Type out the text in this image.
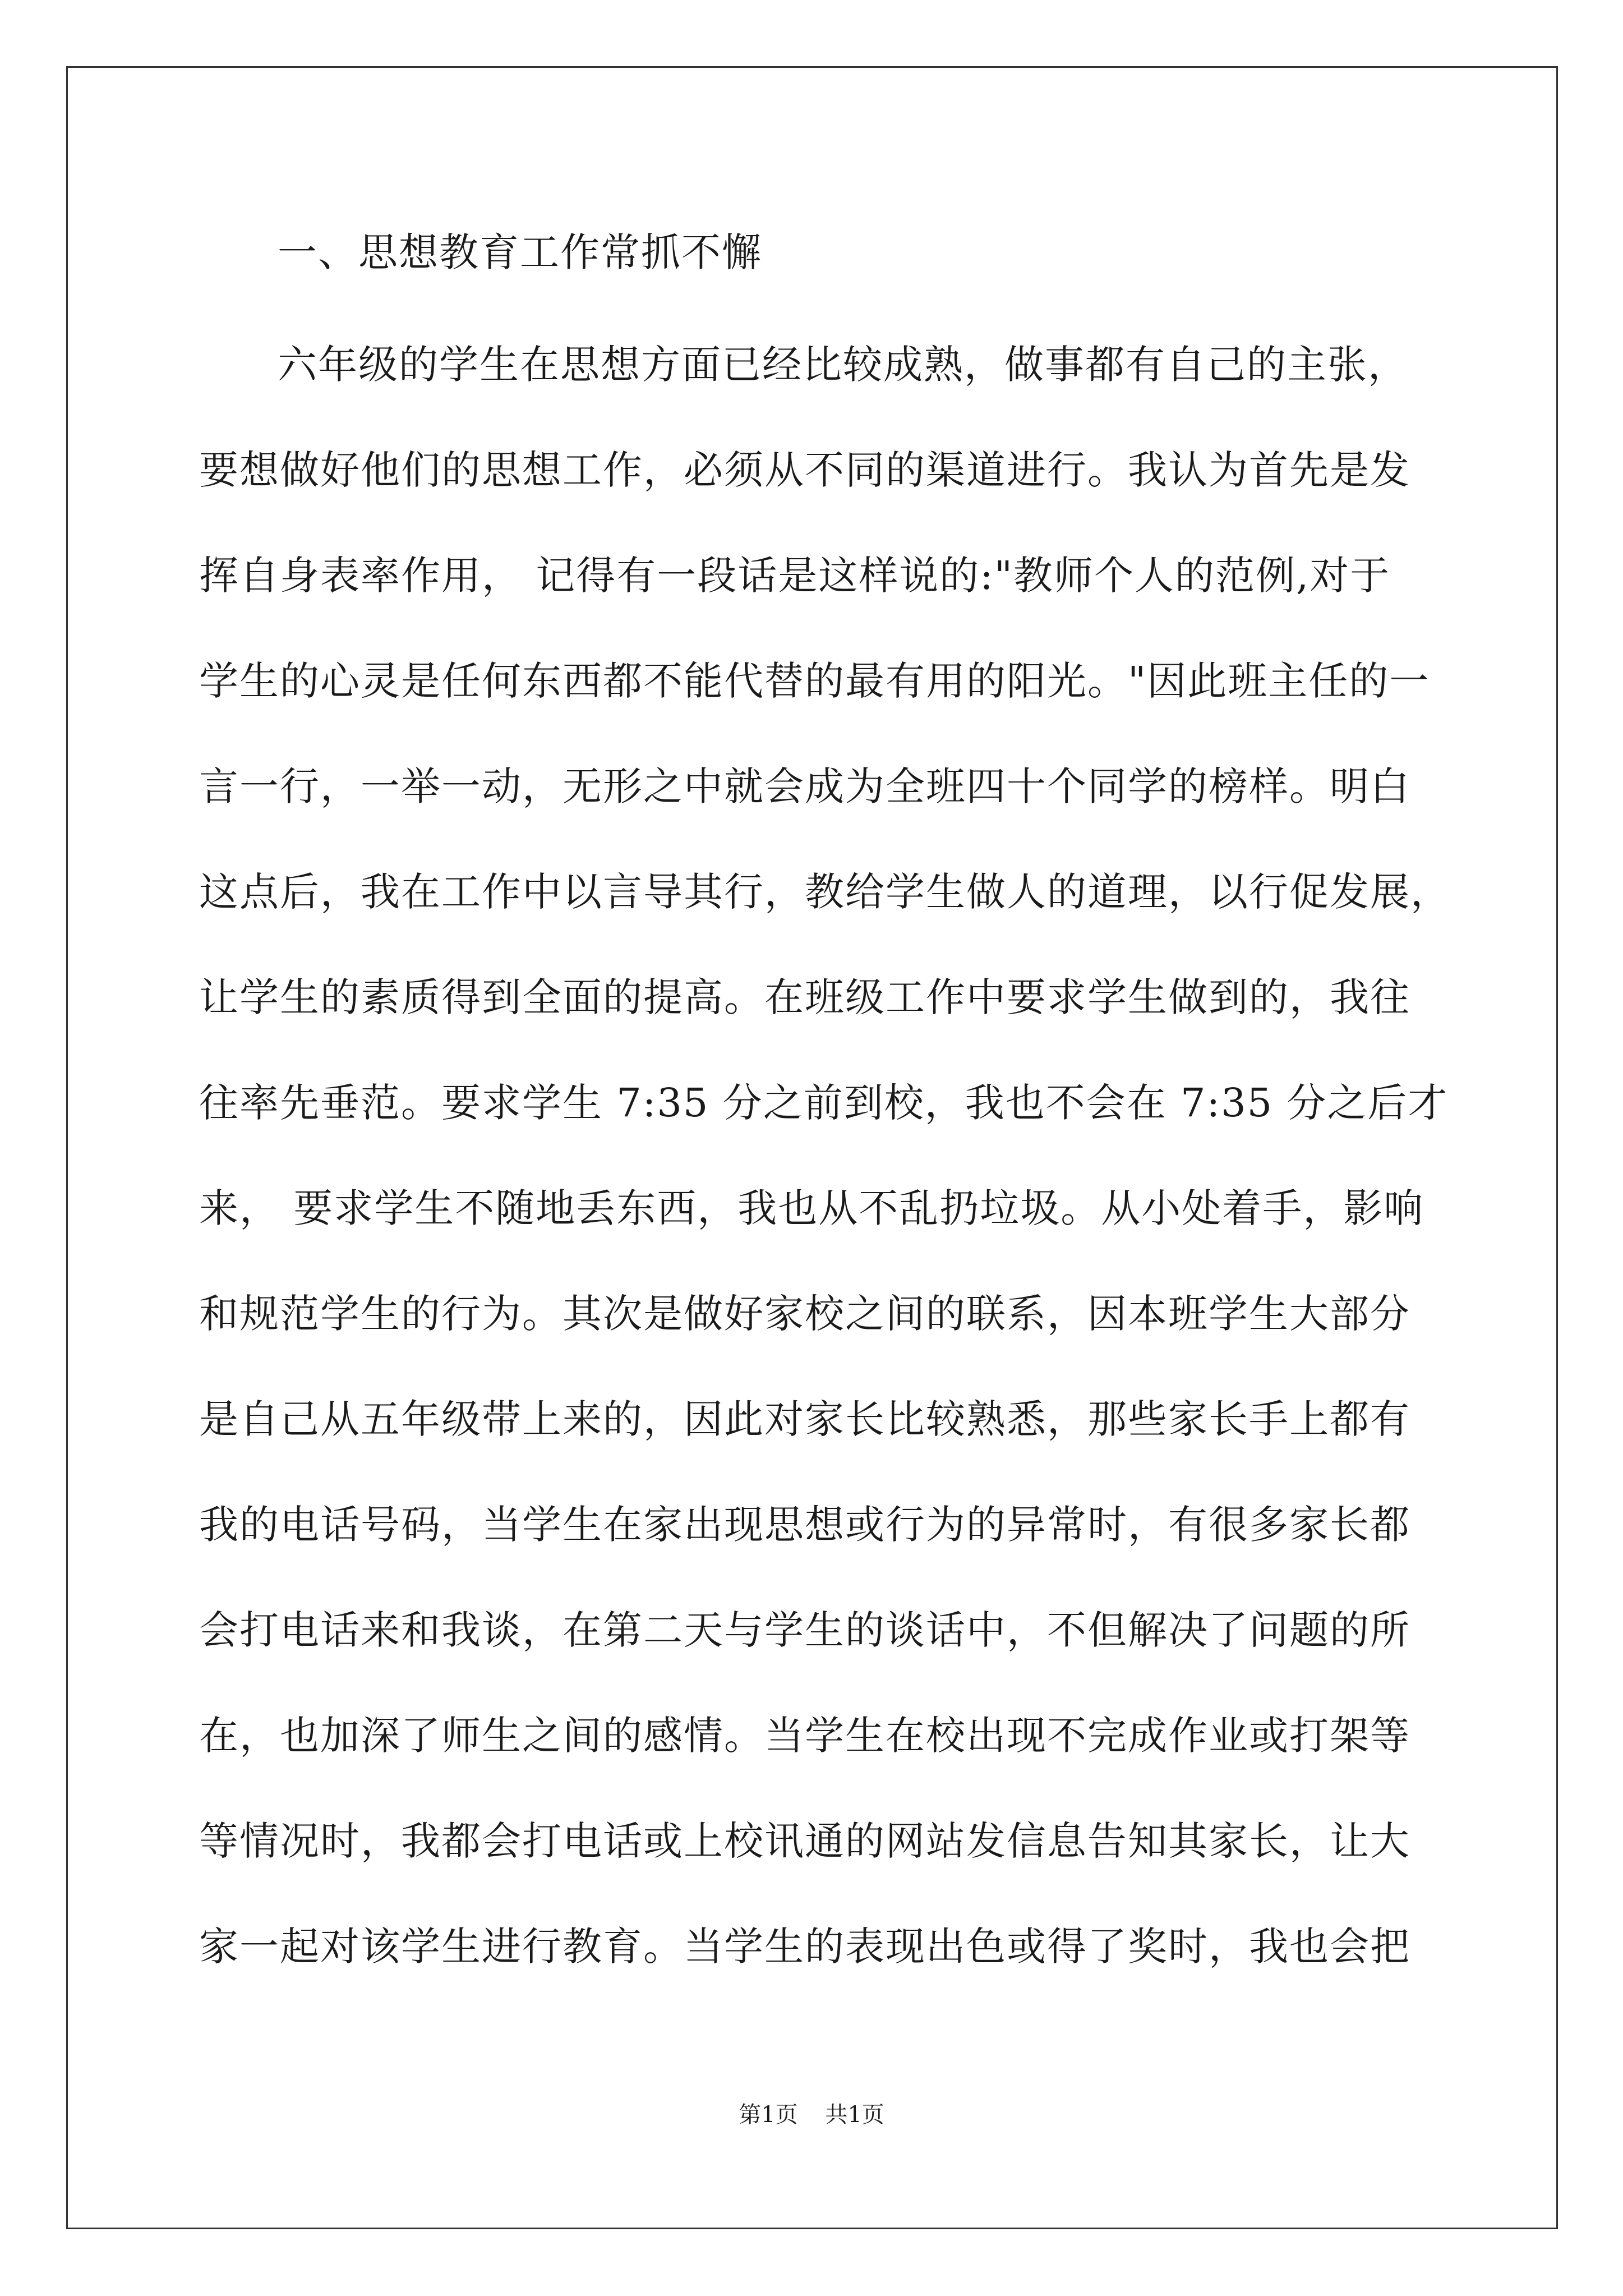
一、思想教育工作常抓不懈
六年级的学生在思想方面已经比较成熟，做事都有自己的主张，
要想做好他们的思想工作，必须从不同的渠道进行。我认为首先是发
挥自身表率作用， 记得有一段话是这样说的:"教师个人的范例,对于
学生的心灵是任何东西都不能代替的最有用的阳光。"因此班主任的一
言一行，一举一动，无形之中就会成为全班四十个同学的榜样。明白
这点后，我在工作中以言导其行，教给学生做人的道理，以行促发展，
让学生的素质得到全面的提高。在班级工作中要求学生做到的，我往
往率先垂范。要求学生 7:35 分之前到校，我也不会在 7:35 分之后才
来， 要求学生不随地丢东西，我也从不乱扔垃圾。从小处着手，影响
和规范学生的行为。其次是做好家校之间的联系，因本班学生大部分
是自己从五年级带上来的，因此对家长比较熟悉，那些家长手上都有
我的电话号码，当学生在家出现思想或行为的异常时，有很多家长都
会打电话来和我谈，在第二天与学生的谈话中，不但解决了问题的所
在，也加深了师生之间的感情。当学生在校出现不完成作业或打架等
等情况时，我都会打电话或上校讯通的网站发信息告知其家长，让大
家一起对该学生进行教育。当学生的表现出色或得了奖时，我也会把
第1页 共1页
